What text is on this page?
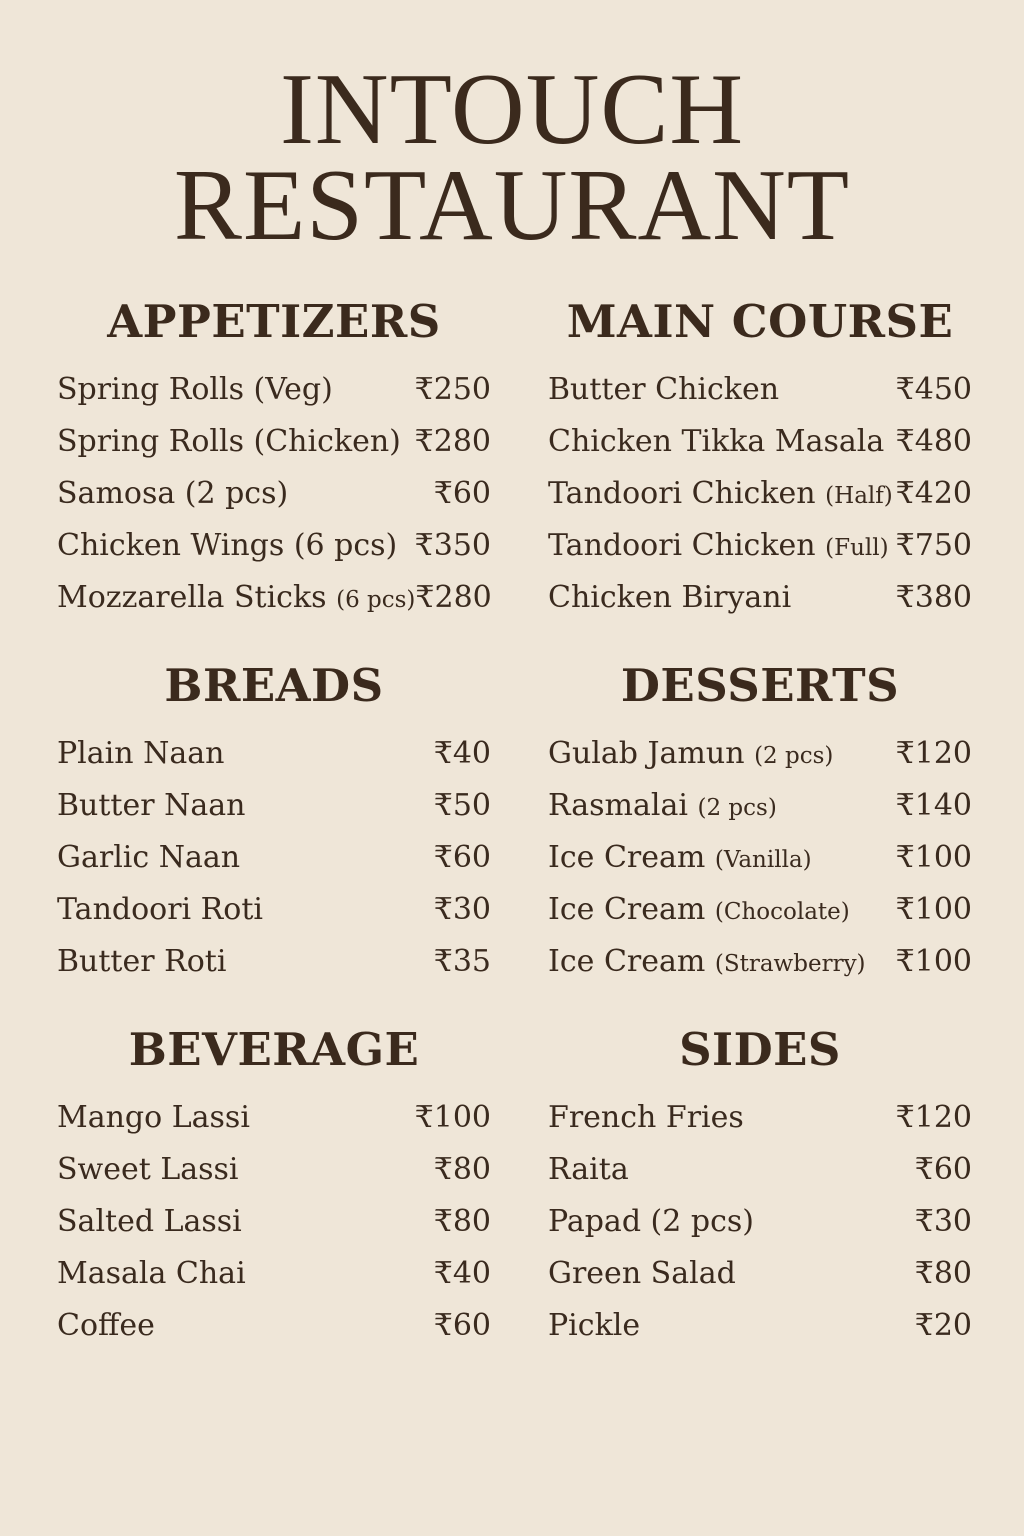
INTOUCH
RESTAURANT
APPETIZERS
Spring Rolls (Veg)	₹250
Spring Rolls (Chicken) ₹280
Samosa (2 pcs)	₹60
Chicken Wings (6 pcs) ₹350
Mozzarella Sticks (6 pcs) ₹280
MAIN COURSE
Butter Chicken	₹450
Chicken Tikka Masala ₹480
Tandoori Chicken (Half) ₹420
Tandoori Chicken (Full) ₹750
Chicken Biryani	₹380
BREADS
Plain Naan	₹40
Butter Naan	₹50
Garlic Naan	₹60
Tandoori Roti	₹30
Butter Roti	₹35
DESSERTS
Gulab Jamun (2 pcs) ₹120
Rasmalai (2 pcs)	₹140
Ice Cream (Vanilla)	₹100
Ice Cream (Chocolate) ₹100
Ice Cream (Strawberry) ₹100
BEVERAGE
Mango Lassi	₹100
Sweet Lassi	₹80
Salted Lassi	₹80
Masala Chai	₹40
Coffee	₹60
SIDES
French Fries	₹120
Raita	₹60
Papad (2 pcs)	₹30
Green Salad	₹80
Pickle	₹20
